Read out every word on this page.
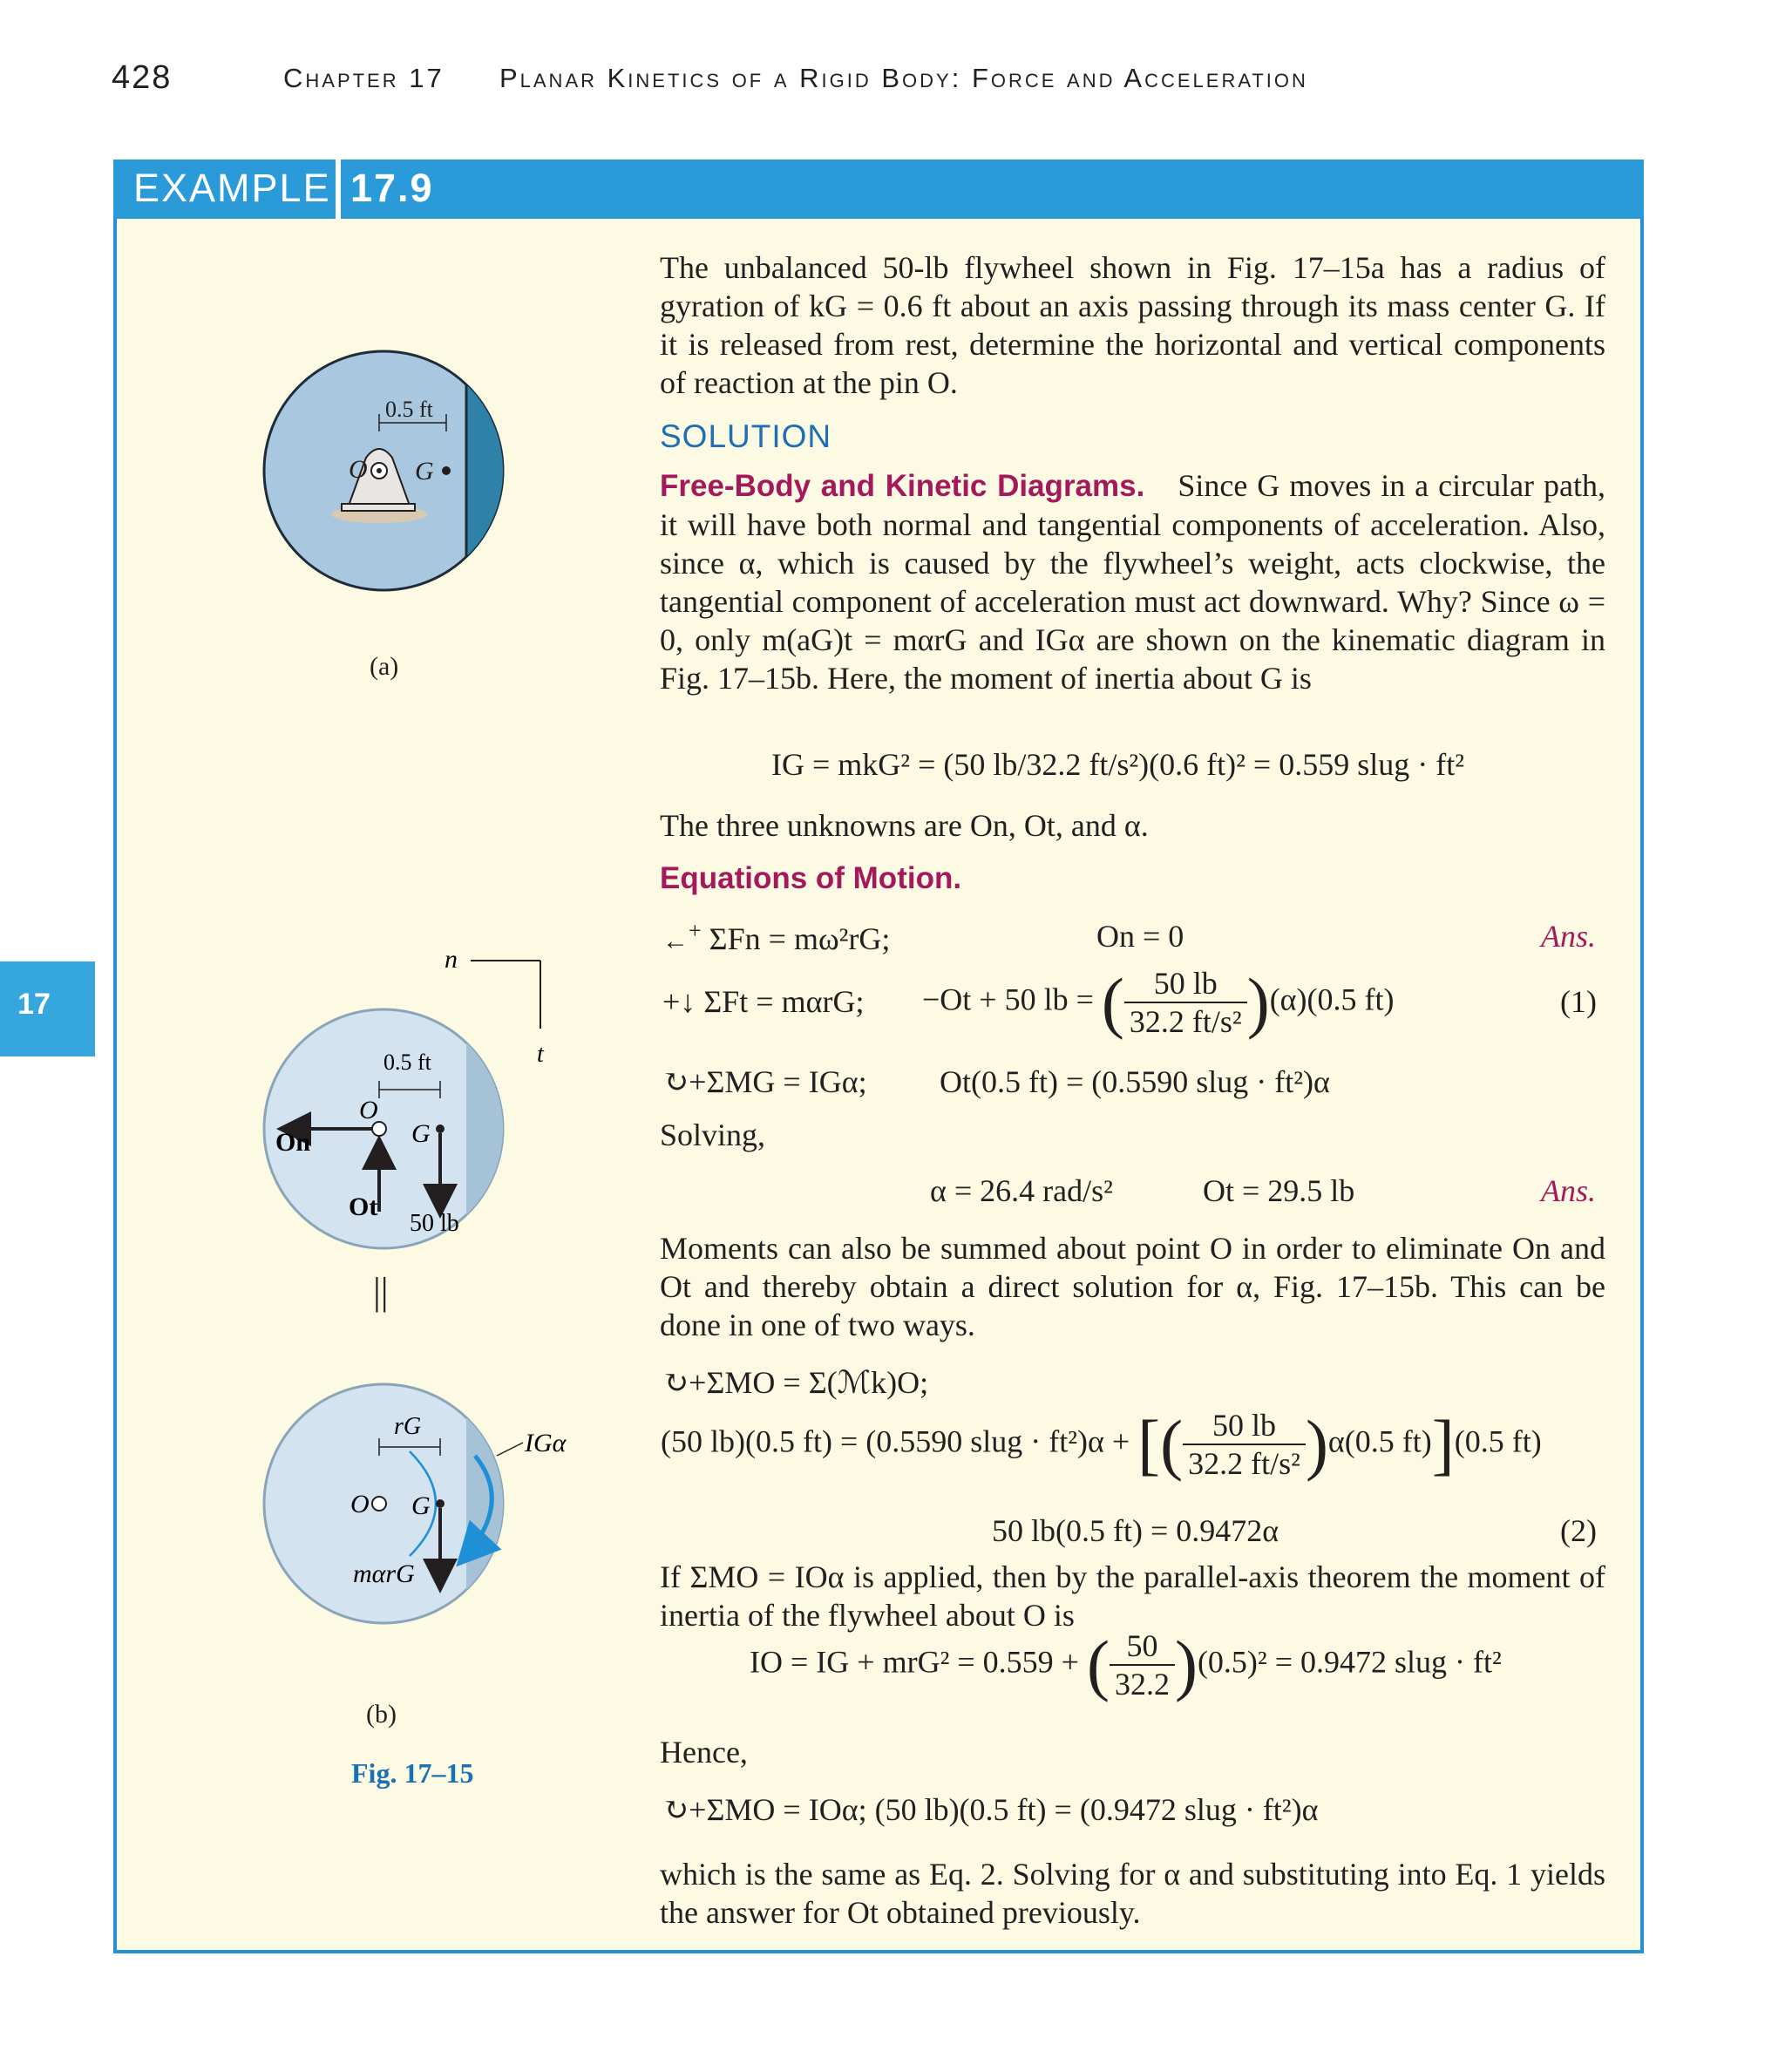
428	Chapter 17 Planar Kinetics of a Rigid Body: Force and Acceleration
EXAMPLE 17.9
17
0.5 ft
O G
(a)
n
t
0.5 ft
O
G
On
Ot
50 lb
||
rG
IGα
O G
mαrG
(b)
Fig. 17–15
The unbalanced 50-lb flywheel shown in Fig. 17–15a has a radius of gyration of kG = 0.6 ft about an axis passing through its mass center G. If it is released from rest, determine the horizontal and vertical components of reaction at the pin O.
SOLUTION
Free-Body and Kinetic Diagrams. Since G moves in a circular path, it will have both normal and tangential components of acceleration. Also, since α, which is caused by the flywheel’s weight, acts clockwise, the tangential component of acceleration must act downward. Why? Since ω = 0, only m(aG)t = mαrG and IGα are shown on the kinematic diagram in Fig. 17–15b. Here, the moment of inertia about G is
IG = mkG² = (50 lb/32.2 ft/s²)(0.6 ft)² = 0.559 slug · ft²
The three unknowns are On, Ot, and α.
Equations of Motion.
←+ ΣFn = mω²rG;	On = 0	Ans.
+↓ ΣFt = mαrG; −Ot + 50 lb = ( $\frac{50 lb}{\text{32.2 ft/s²}} )(\alpha)(0.5$ ft)	(1)
↻+ΣMG = IGα; Ot(0.5 ft) = (0.5590 slug · ft²)α
Solving,
α = 26.4 rad/s²	Ot = 29.5 lb	Ans.
Moments can also be summed about point O in order to eliminate On and Ot and thereby obtain a direct solution for α, Fig. 17–15b. This can be done in one of two ways.
↻+ΣMO = Σ(ℳk)O;
(50 lb)(0.5 ft) = (0.5590 slug · ft²)α + [( $\frac{50 lb}{\text{32.2 ft/s²}} )\alpha(0.5$ ft)](0.5 ft)
50 lb(0.5 ft) = 0.9472α	(2)
If ΣMO = IOα is applied, then by the parallel-axis theorem the moment of inertia of the flywheel about O is
IO = IG + mrG² = 0.559 + ( $\frac{50}{32.2} )(0.5)^2 = 0.9472$ slug · ft²
Hence,
↻+ΣMO = IOα; (50 lb)(0.5 ft) = (0.9472 slug · ft²)α
which is the same as Eq. 2. Solving for α and substituting into Eq. 1 yields the answer for Ot obtained previously.
